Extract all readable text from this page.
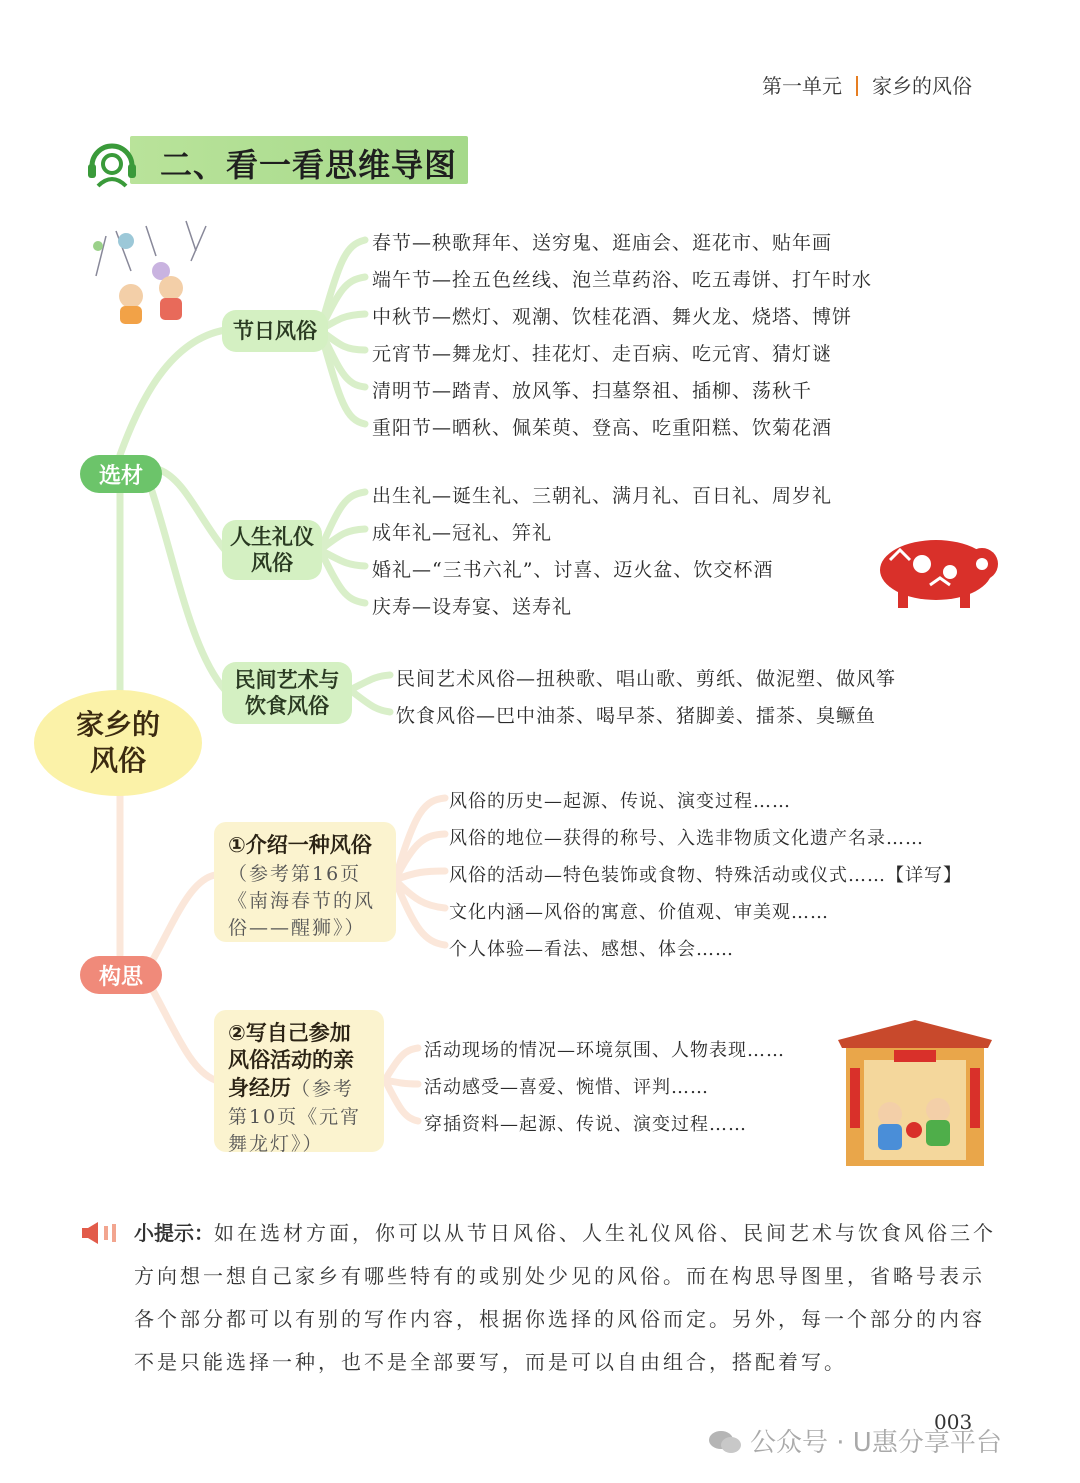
第一单元 家乡的风俗
二、看一看思维导图
选材
构思
家乡的风俗
节日风俗
人生礼仪风俗
民间艺术与饮食风俗
春节—秧歌拜年、送穷鬼、逛庙会、逛花市、贴年画
端午节—拴五色丝线、泡兰草药浴、吃五毒饼、打午时水
中秋节—燃灯、观潮、饮桂花酒、舞火龙、烧塔、博饼
元宵节—舞龙灯、挂花灯、走百病、吃元宵、猜灯谜
清明节—踏青、放风筝、扫墓祭祖、插柳、荡秋千
重阳节—晒秋、佩茱萸、登高、吃重阳糕、饮菊花酒
出生礼—诞生礼、三朝礼、满月礼、百日礼、周岁礼
成年礼—冠礼、笄礼
婚礼—“三书六礼”、讨喜、迈火盆、饮交杯酒
庆寿—设寿宴、送寿礼
民间艺术风俗—扭秧歌、唱山歌、剪纸、做泥塑、做风筝
饮食风俗—巴中油茶、喝早茶、猪脚姜、擂茶、臭鳜鱼
①介绍一种风俗
（参考第16页《南海春节的风俗——醒狮》）
风俗的历史—起源、传说、演变过程……
风俗的地位—获得的称号、入选非物质文化遗产名录……
风俗的活动—特色装饰或食物、特殊活动或仪式……【详写】
文化内涵—风俗的寓意、价值观、审美观……
个人体验—看法、感想、体会……
②写自己参加风俗活动的亲身经历（参考第10页《元宵舞龙灯》）
活动现场的情况—环境氛围、人物表现……
活动感受—喜爱、惋惜、评判……
穿插资料—起源、传说、演变过程……
小提示：如在选材方面，你可以从节日风俗、人生礼仪风俗、民间艺术与饮食风俗三个方向想一想自己家乡有哪些特有的或别处少见的风俗。而在构思导图里，省略号表示各个部分都可以有别的写作内容，根据你选择的风俗而定。另外，每一个部分的内容不是只能选择一种，也不是全部要写，而是可以自由组合，搭配着写。
003
公众号 · U惠分享平台
